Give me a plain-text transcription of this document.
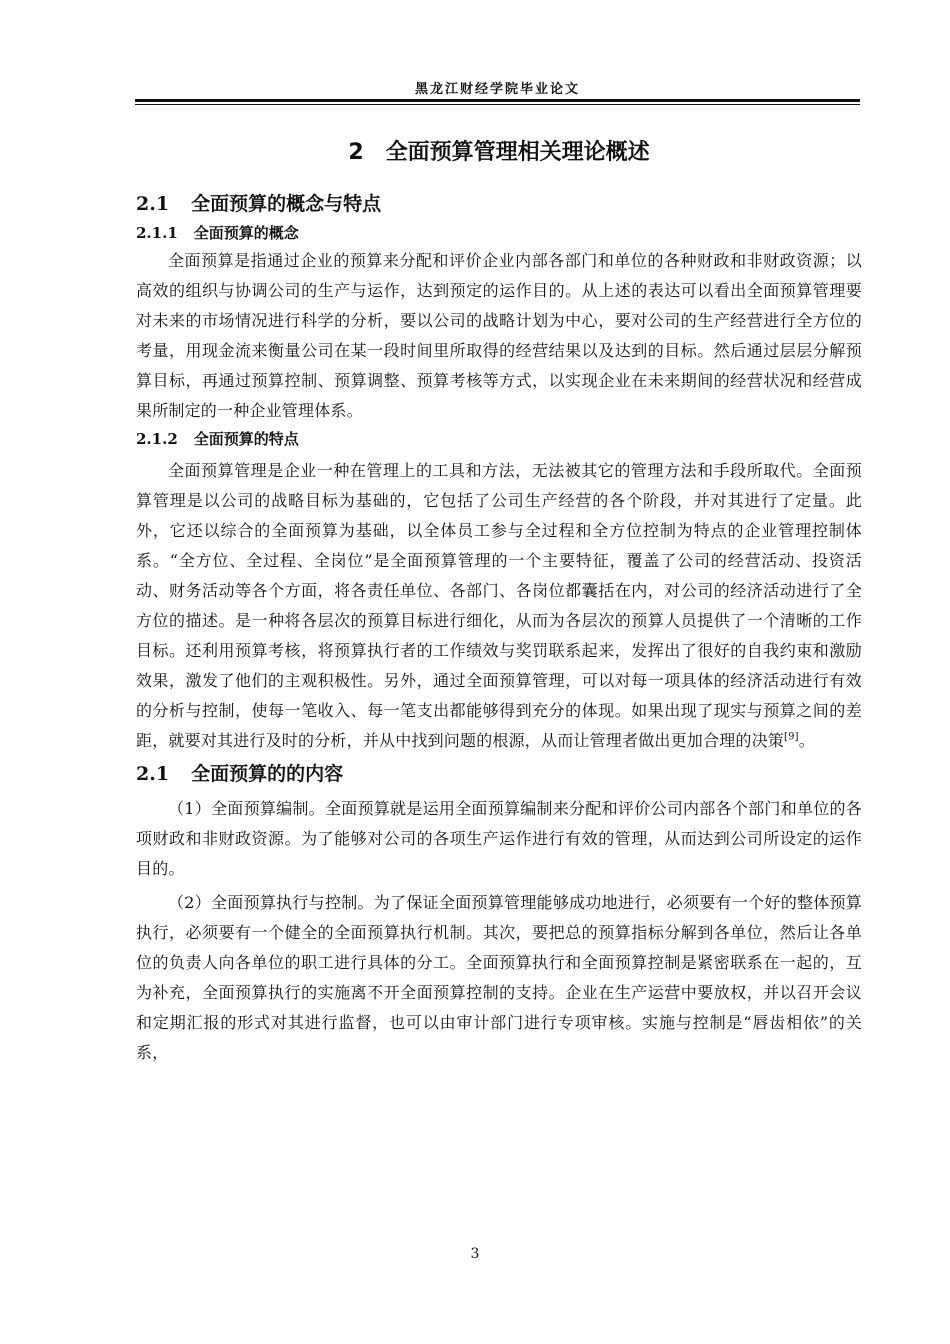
黑龙江财经学院毕业论文
2 全面预算管理相关理论概述
2.1 全面预算的概念与特点
2.1.1 全面预算的概念

全面预算是指通过企业的预算来分配和评价企业内部各部门和单位的各种财政和非财政资源；以高效的组织与协调公司的生产与运作，达到预定的运作目的。从上述的表达可以看出全面预算管理要对未来的市场情况进行科学的分析，要以公司的战略计划为中心，要对公司的生产经营进行全方位的考量，用现金流来衡量公司在某一段时间里所取得的经营结果以及达到的目标。然后通过层层分解预算目标，再通过预算控制、预算调整、预算考核等方式，以实现企业在未来期间的经营状况和经营成果所制定的一种企业管理体系。

2.1.2 全面预算的特点

全面预算管理是企业一种在管理上的工具和方法，无法被其它的管理方法和手段所取代。全面预算管理是以公司的战略目标为基础的，它包括了公司生产经营的各个阶段，并对其进行了定量。此外，它还以综合的全面预算为基础，以全体员工参与全过程和全方位控制为特点的企业管理控制体系。“全方位、全过程、全岗位”是全面预算管理的一个主要特征，覆盖了公司的经营活动、投资活动、财务活动等各个方面，将各责任单位、各部门、各岗位都囊括在内，对公司的经济活动进行了全方位的描述。是一种将各层次的预算目标进行细化，从而为各层次的预算人员提供了一个清晰的工作目标。还利用预算考核，将预算执行者的工作绩效与奖罚联系起来，发挥出了很好的自我约束和激励效果，激发了他们的主观积极性。另外，通过全面预算管理，可以对每一项具体的经济活动进行有效的分析与控制，使每一笔收入、每一笔支出都能够得到充分的体现。如果出现了现实与预算之间的差距，就要对其进行及时的分析，并从中找到问题的根源，从而让管理者做出更加合理的决策[9]。

2.1 全面预算的的内容

（1）全面预算编制。全面预算就是运用全面预算编制来分配和评价公司内部各个部门和单位的各项财政和非财政资源。为了能够对公司的各项生产运作进行有效的管理，从而达到公司所设定的运作目的。

（2）全面预算执行与控制。为了保证全面预算管理能够成功地进行，必须要有一个好的整体预算执行，必须要有一个健全的全面预算执行机制。其次，要把总的预算指标分解到各单位，然后让各单位的负责人向各单位的职工进行具体的分工。全面预算执行和全面预算控制是紧密联系在一起的，互为补充，全面预算执行的实施离不开全面预算控制的支持。企业在生产运营中要放权，并以召开会议和定期汇报的形式对其进行监督，也可以由审计部门进行专项审核。实施与控制是“唇齿相依”的关系，

3
